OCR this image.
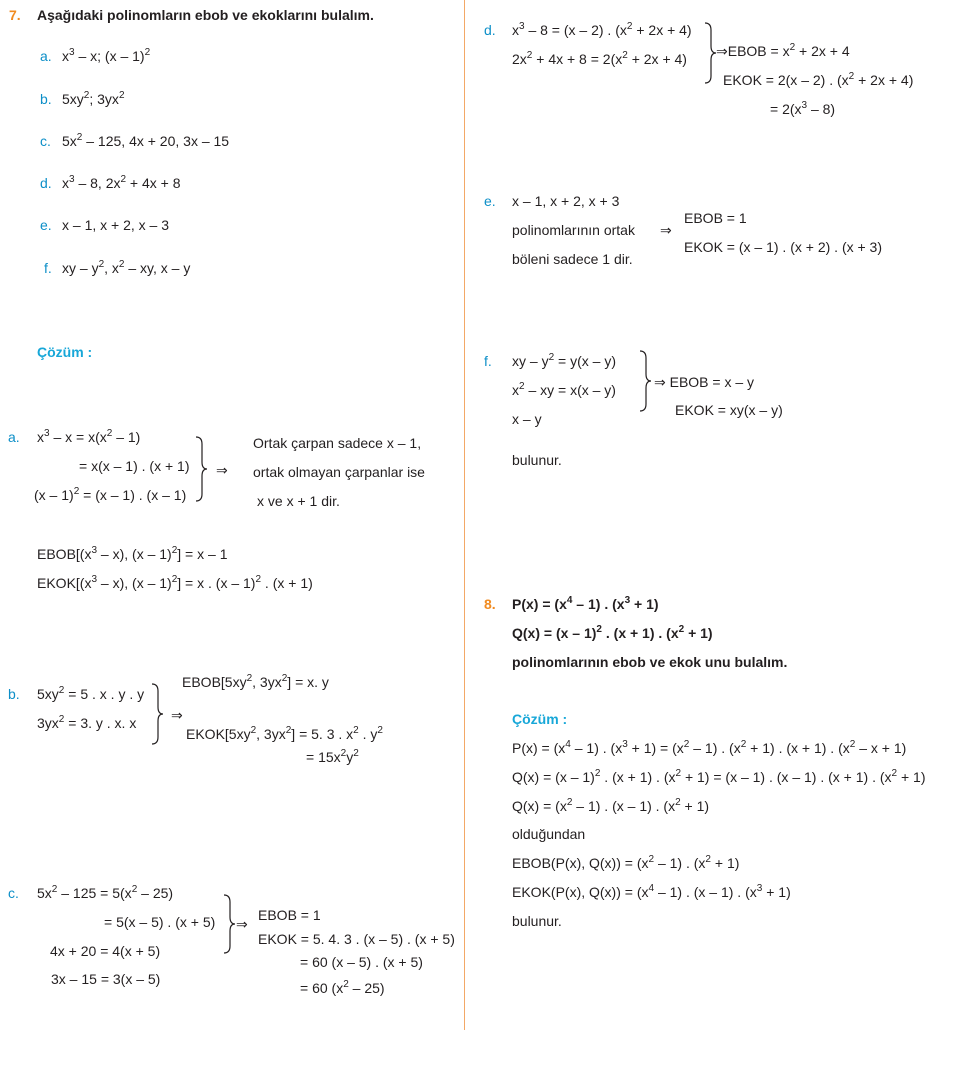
7. Aşağıdaki polinomların ebob ve ekoklarını bulalım.
a. $x^3$ – x; (x – 1)$^2$
b. $5xy^2$; $3yx^2$
c. $5x^2 - 125$, 4x + 20, 3x – 15
d. $x^3 - 8$, $2x^2 + 4x + 8$
e. x – 1, x + 2, x – 3
f. xy – $y^2$, $x^2$ – xy, x – y
Çözüm :
a. $x^3 - x = x(x^2 - 1)$
= x(x – 1) . (x + 1)
(x – 1)$^2$ = (x – 1) . (x – 1)
⇒
Ortak çarpan sadece x – 1,
ortak olmayan çarpanlar ise
x ve x + 1 dir.
$EBOB[(x^3 - x)$, (x – 1)$^2$] = x – 1
$EKOK[(x^3 - x)$, (x – 1)$^2$] = x . (x – 1)$^2$ . (x + 1)
b. $5xy^2 = 5$ . x . y . y
$3yx^2 = 3$. y . x. x ⇒
$EBOB[5xy^2$, $3yx^2] = x$. y
$EKOK[5xy^2$, $3yx^2] = 5$. 3 . $x^2$ . $y^2$
= $15x^2y^2$
c. $5x^2 - 125 = 5(x^2 - 25)$
= 5(x – 5) . (x + 5)
4x + 20 = 4(x + 5)
3x – 15 = 3(x – 5)
⇒
EBOB = 1
EKOK = 5. 4. 3 . (x – 5) . (x + 5)
= 60 (x – 5) . (x + 5)
= 60 $(x^2 - 25)$
d. $x^3 - 8 = (x - 2)$ . $(x^2 + 2x + 4)$
$2x^2 + 4x + 8 = 2(x^2 + 2x + 4)$ ⇒EBOB = $x^2 + 2x + 4$
EKOK = 2(x – 2) . $(x^2 + 2x + 4)$
= $2(x^3 - 8)$
e. x – 1, x + 2, x + 3
polinomlarının ortak
böleni sadece 1 dir.
⇒
EBOB = 1
EKOK = (x – 1) . (x + 2) . (x + 3)
f. xy – $y^2 = y(x - y)$
$x^2$ – xy = x(x – y)
x – y
⇒ EBOB = x – y
EKOK = xy(x – y)
bulunur.
8. $P(x) = (x^4 - 1)$ . $(x^3 + 1)$
Q(x) = (x – 1)$^2$ . (x + 1) . $(x^2 + 1)$
polinomlarının ebob ve ekok unu bulalım.
Çözüm :
$P(x) = (x^4 - 1)$ . $(x^3 + 1) = (x^2 - 1)$ . $(x^2 + 1)$ . (x + 1) . $(x^2 - x + 1)$
Q(x) = (x – 1)$^2$ . (x + 1) . $(x^2 + 1) = (x - 1)$ . (x – 1) . (x + 1) . $(x^2 + 1)$
$Q(x) = (x^2 - 1)$ . (x – 1) . $(x^2 + 1)$
olduğundan
EBOB(P(x), $Q(x)) = (x^2 - 1)$ . $(x^2 + 1)$
EKOK(P(x), $Q(x)) = (x^4 - 1)$ . (x – 1) . $(x^3 + 1)$
bulunur.
